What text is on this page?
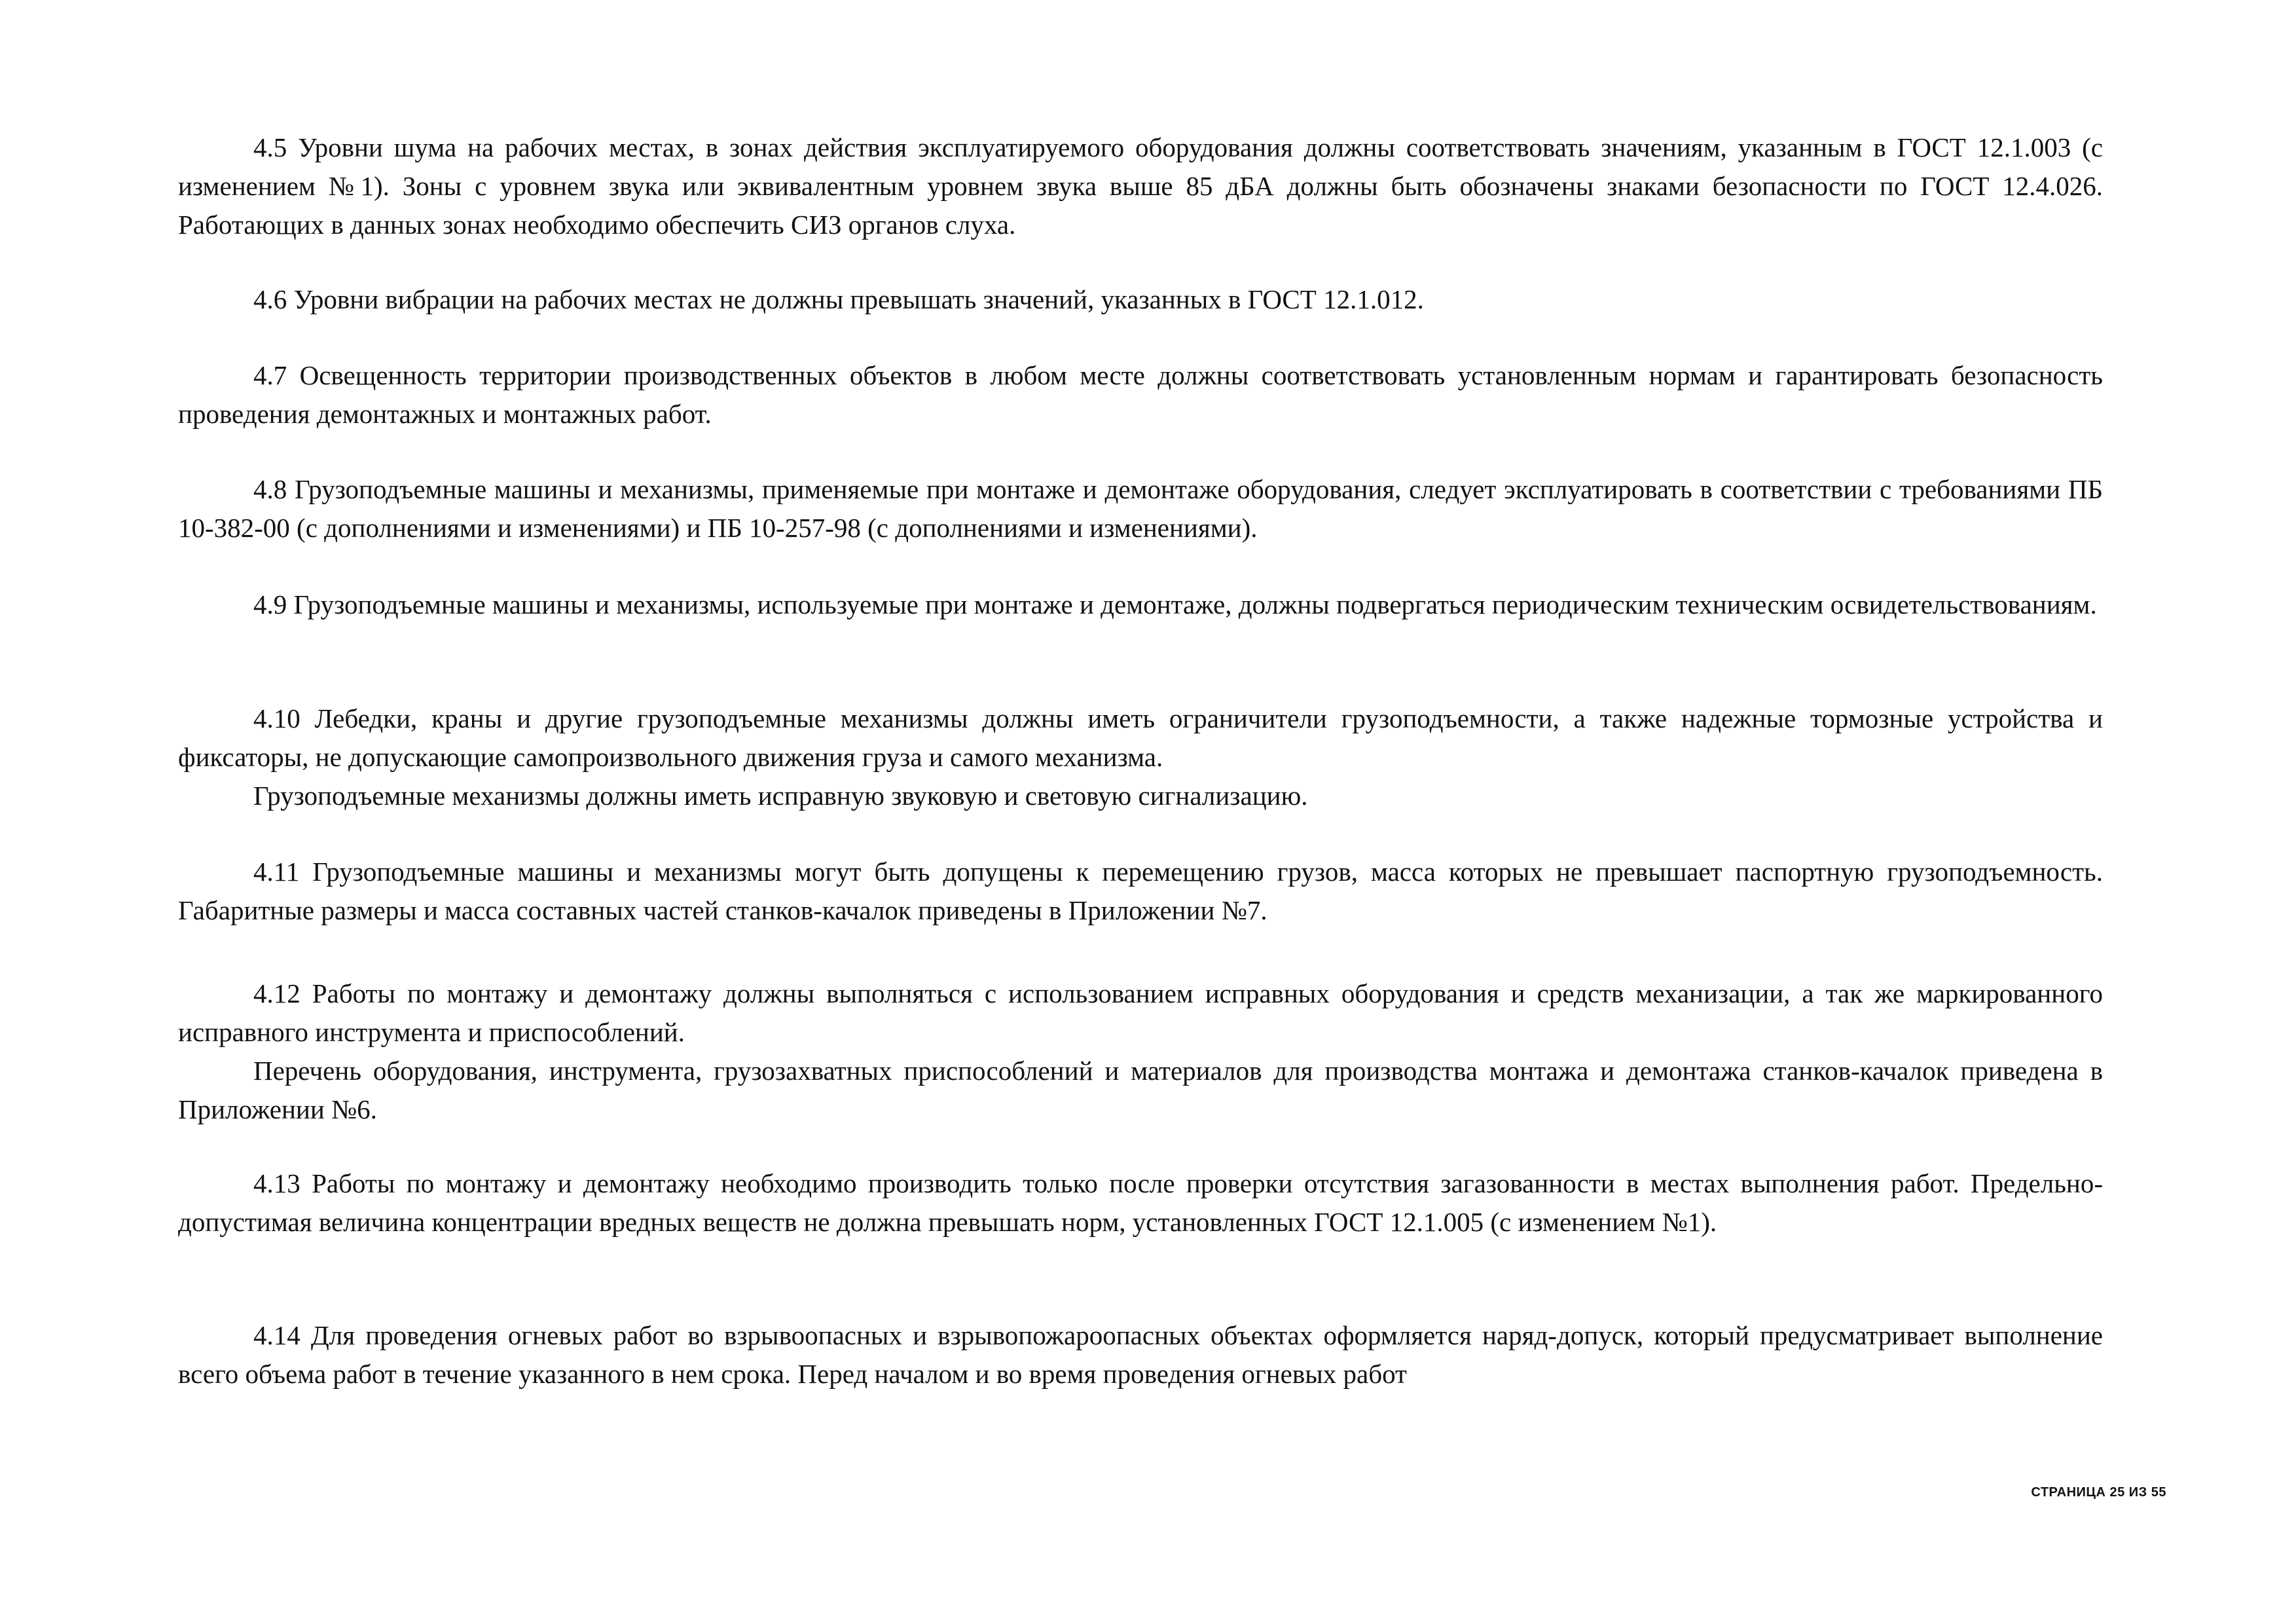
4.5 Уровни шума на рабочих местах, в зонах действия эксплуатируемого оборудования должны соответствовать значениям, указанным в ГОСТ 12.1.003 (с изменением №1). Зоны с уровнем звука или эквивалентным уровнем звука выше 85 дБА должны быть обозначены знаками безопасности по ГОСТ 12.4.026. Работающих в данных зонах необходимо обеспечить СИЗ органов слуха.

4.6 Уровни вибрации на рабочих местах не должны превышать значений, указанных в ГОСТ 12.1.012.

4.7 Освещенность территории производственных объектов в любом месте должны соответствовать установленным нормам и гарантировать безопасность проведения демонтажных и монтажных работ.

4.8 Грузоподъемные машины и механизмы, применяемые при монтаже и демонтаже оборудования, следует эксплуатировать в соответствии с требованиями ПБ 10-382-00 (с дополнениями и изменениями) и ПБ 10-257-98 (с дополнениями и изменениями).

4.9 Грузоподъемные машины и механизмы, используемые при монтаже и демонтаже, должны подвергаться периодическим техническим освидетельствованиям.

4.10 Лебедки, краны и другие грузоподъемные механизмы должны иметь ограничители грузоподъемности, а также надежные тормозные устройства и фиксаторы, не допускающие самопроизвольного движения груза и самого механизма.

Грузоподъемные механизмы должны иметь исправную звуковую и световую сигнализацию.

4.11 Грузоподъемные машины и механизмы могут быть допущены к перемещению грузов, масса которых не превышает паспортную грузоподъемность. Габаритные размеры и масса составных частей станков-качалок приведены в Приложении №7.

4.12 Работы по монтажу и демонтажу должны выполняться с использованием исправных оборудования и средств механизации, а так же маркированного исправного инструмента и приспособлений.

Перечень оборудования, инструмента, грузозахватных приспособлений и материалов для производства монтажа и демонтажа станков-качалок приведена в Приложении №6.

4.13 Работы по монтажу и демонтажу необходимо производить только после проверки отсутствия загазованности в местах выполнения работ. Предельно-допустимая величина концентрации вредных веществ не должна превышать норм, установленных ГОСТ 12.1.005 (с изменением №1).

4.14 Для проведения огневых работ во взрывоопасных и взрывопожароопасных объектах оформляется наряд-допуск, который предусматривает выполнение всего объема работ в течение указанного в нем срока. Перед началом и во время проведения огневых работ

СТРАНИЦА 25 ИЗ 55
